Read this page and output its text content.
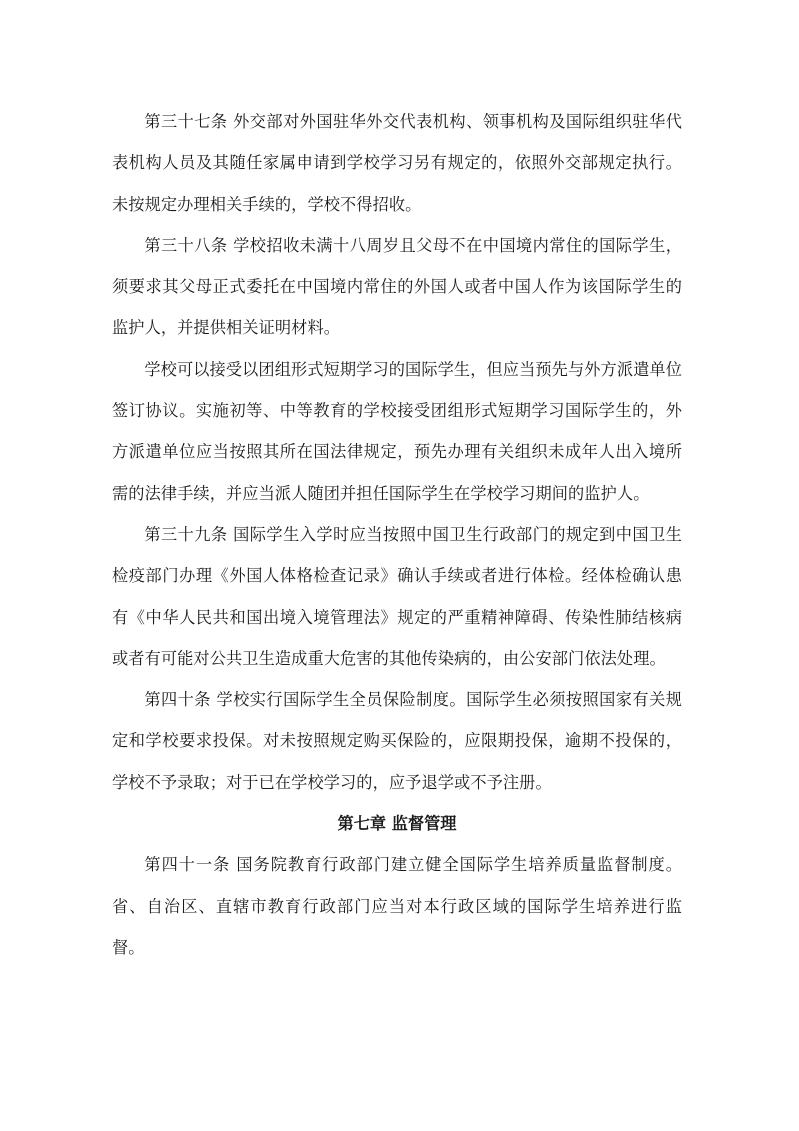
第三十七条 外交部对外国驻华外交代表机构、领事机构及国际组织驻华代表机构人员及其随任家属申请到学校学习另有规定的，依照外交部规定执行。未按规定办理相关手续的，学校不得招收。

第三十八条 学校招收未满十八周岁且父母不在中国境内常住的国际学生，须要求其父母正式委托在中国境内常住的外国人或者中国人作为该国际学生的监护人，并提供相关证明材料。

学校可以接受以团组形式短期学习的国际学生，但应当预先与外方派遣单位签订协议。实施初等、中等教育的学校接受团组形式短期学习国际学生的，外方派遣单位应当按照其所在国法律规定，预先办理有关组织未成年人出入境所需的法律手续，并应当派人随团并担任国际学生在学校学习期间的监护人。

第三十九条 国际学生入学时应当按照中国卫生行政部门的规定到中国卫生检疫部门办理《外国人体格检查记录》确认手续或者进行体检。经体检确认患有《中华人民共和国出境入境管理法》规定的严重精神障碍、传染性肺结核病或者有可能对公共卫生造成重大危害的其他传染病的，由公安部门依法处理。

第四十条 学校实行国际学生全员保险制度。国际学生必须按照国家有关规定和学校要求投保。对未按照规定购买保险的，应限期投保，逾期不投保的，学校不予录取；对于已在学校学习的，应予退学或不予注册。

第七章 监督管理

第四十一条 国务院教育行政部门建立健全国际学生培养质量监督制度。省、自治区、直辖市教育行政部门应当对本行政区域的国际学生培养进行监督。
